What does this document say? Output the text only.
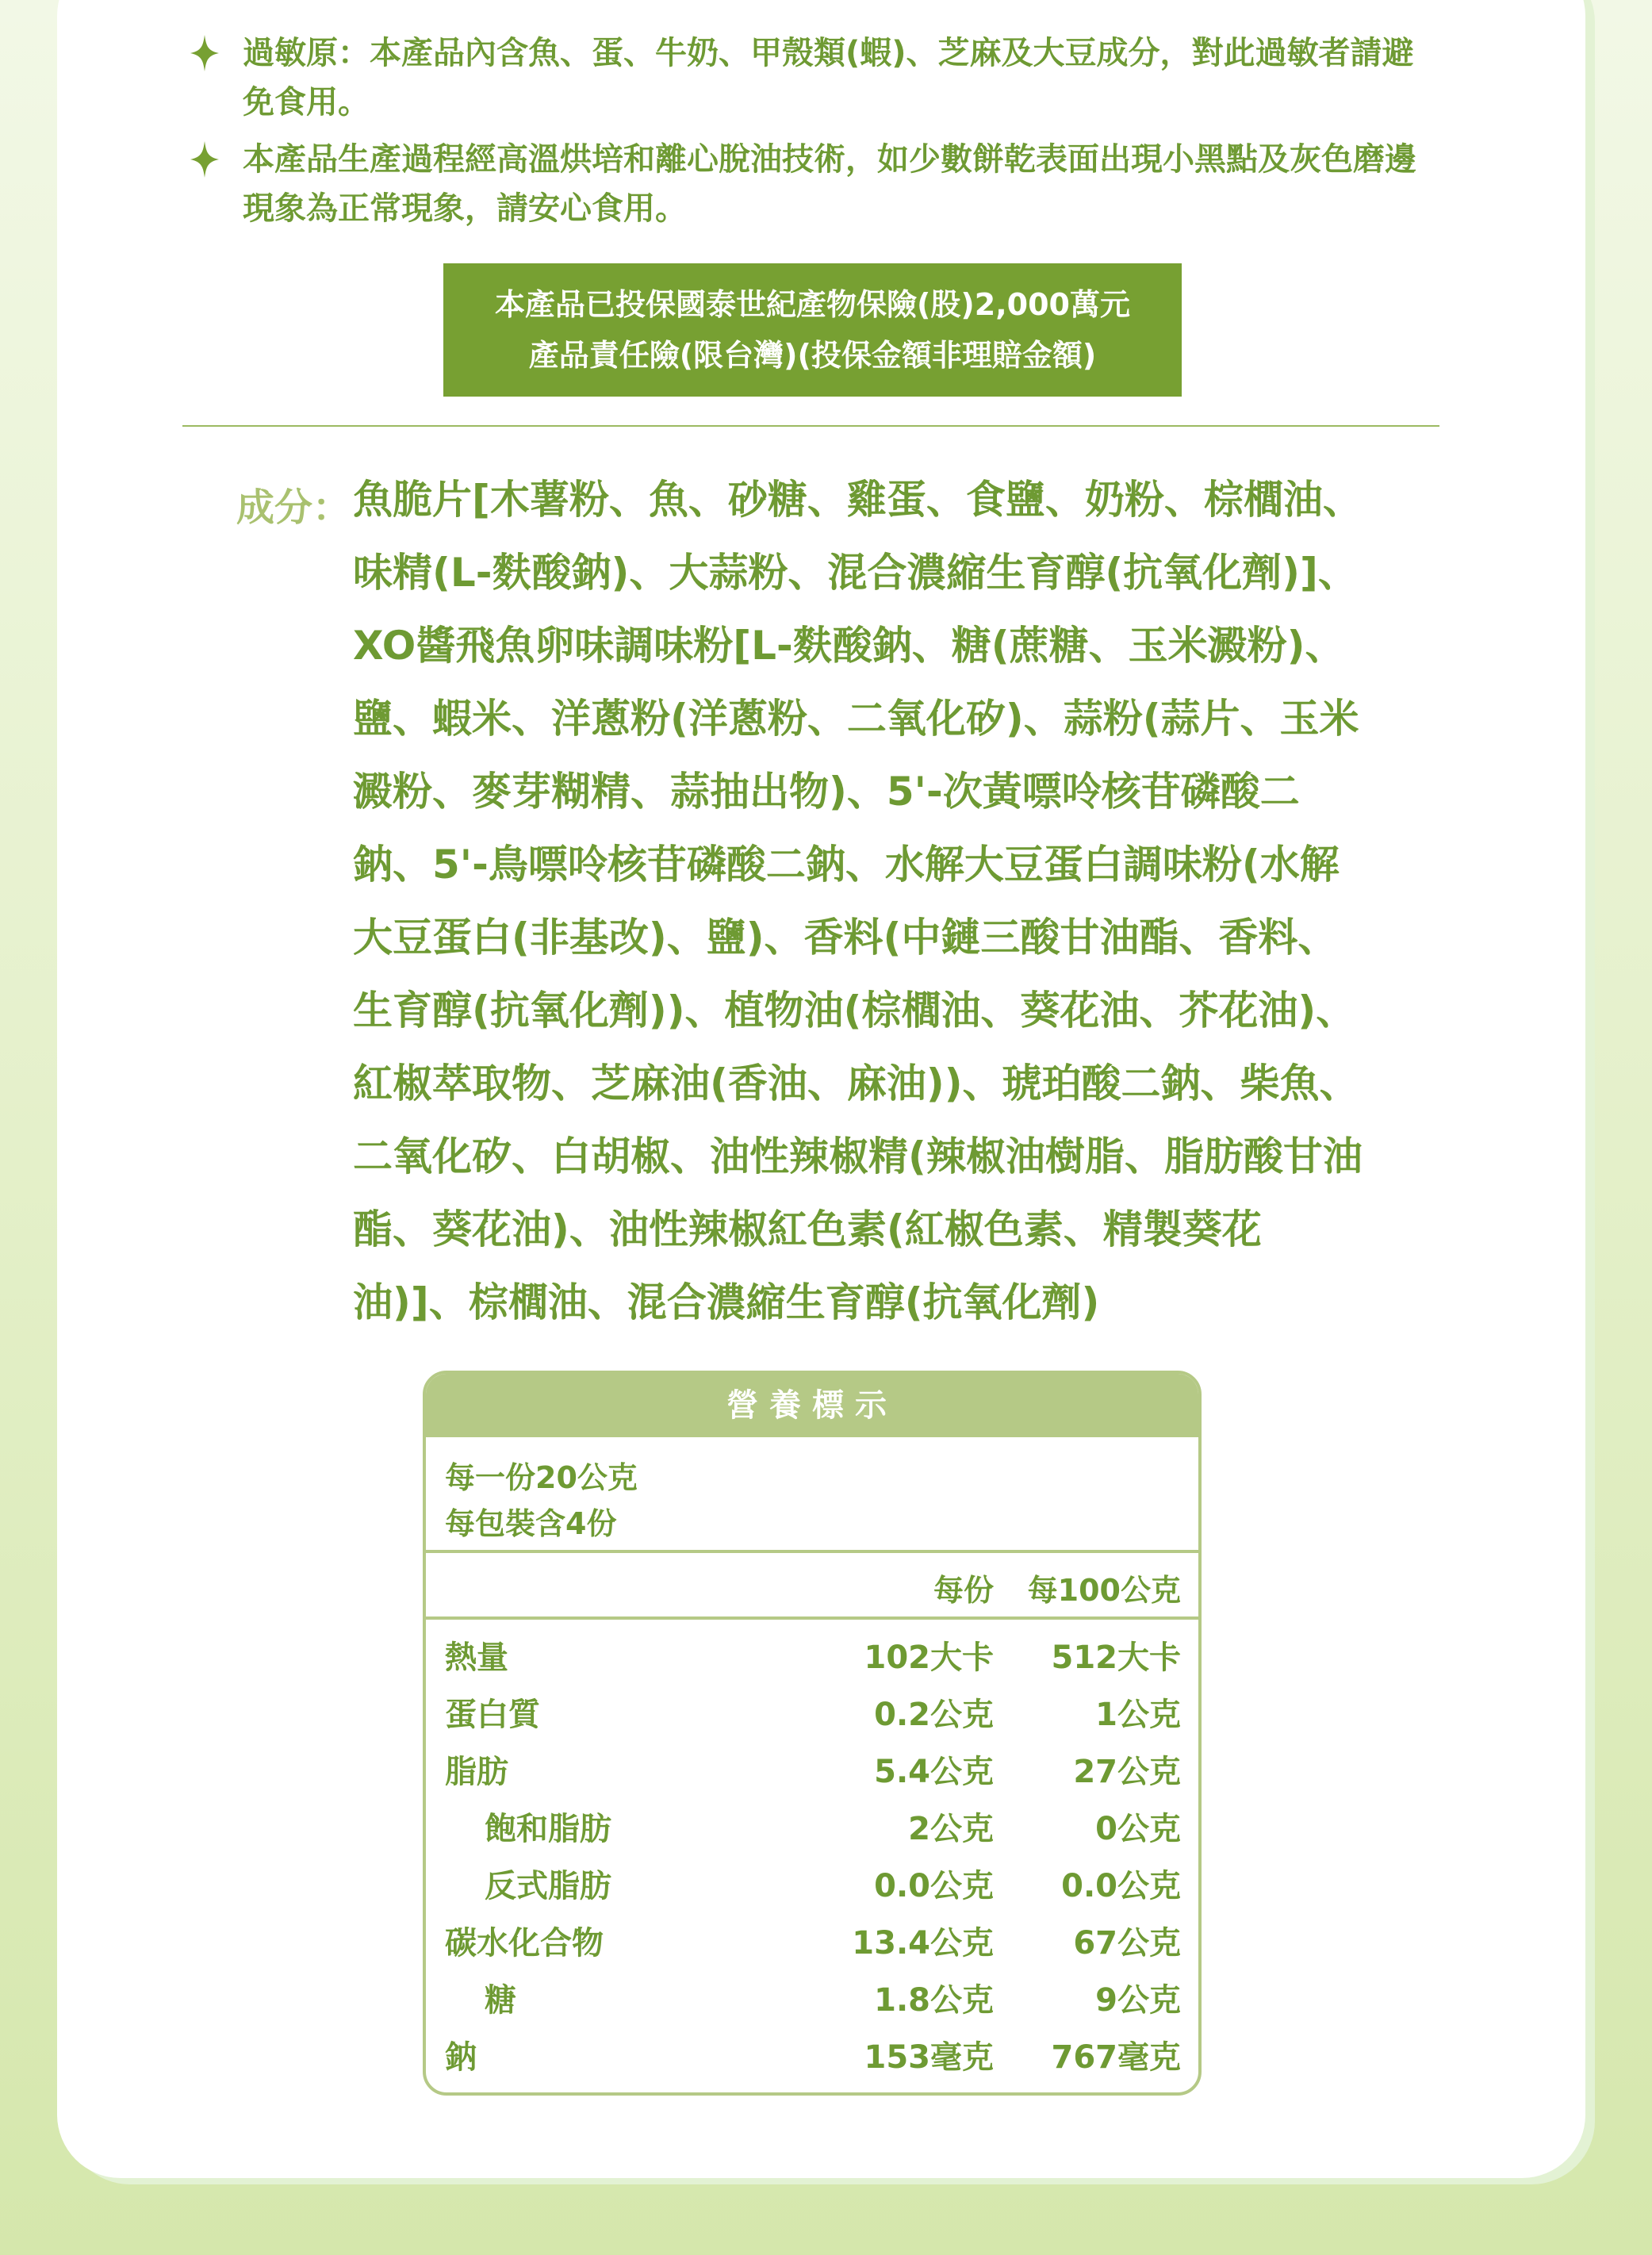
過敏原：本產品內含魚、蛋、牛奶、甲殼類(蝦)、芝麻及大豆成分，對此過敏者請避免食用。
本產品生產過程經高溫烘培和離心脫油技術，如少數餅乾表面出現小黑點及灰色磨邊現象為正常現象，請安心食用。
本產品已投保國泰世紀產物保險(股)2,000萬元
產品責任險(限台灣)(投保金額非理賠金額)
成分： 魚脆片[木薯粉、魚、砂糖、雞蛋、食鹽、奶粉、棕櫚油、味精(L-麩酸鈉)、大蒜粉、混合濃縮生育醇(抗氧化劑)]、XO醬飛魚卵味調味粉[L-麩酸鈉、糖(蔗糖、玉米澱粉)、鹽、蝦米、洋蔥粉(洋蔥粉、二氧化矽)、蒜粉(蒜片、玉米澱粉、麥芽糊精、蒜抽出物)、5'-次黃嘌呤核苷磷酸二鈉、5'-鳥嘌呤核苷磷酸二鈉、水解大豆蛋白調味粉(水解大豆蛋白(非基改)、鹽)、香料(中鏈三酸甘油酯、香料、生育醇(抗氧化劑))、植物油(棕櫚油、葵花油、芥花油)、紅椒萃取物、芝麻油(香油、麻油))、琥珀酸二鈉、柴魚、二氧化矽、白胡椒、油性辣椒精(辣椒油樹脂、脂肪酸甘油酯、葵花油)、油性辣椒紅色素(紅椒色素、精製葵花油)]、棕櫚油、混合濃縮生育醇(抗氧化劑)
營養標示
每一份20公克
每包裝含4份
每份 每100公克
熱量	102大卡 512大卡
蛋白質	0.2公克	1公克
脂肪	5.4公克	27公克
飽和脂肪	2公克	0公克
反式脂肪	0.0公克 0.0公克
碳水化合物	13.4公克	67公克
糖	1.8公克	9公克
鈉	153毫克 767毫克
